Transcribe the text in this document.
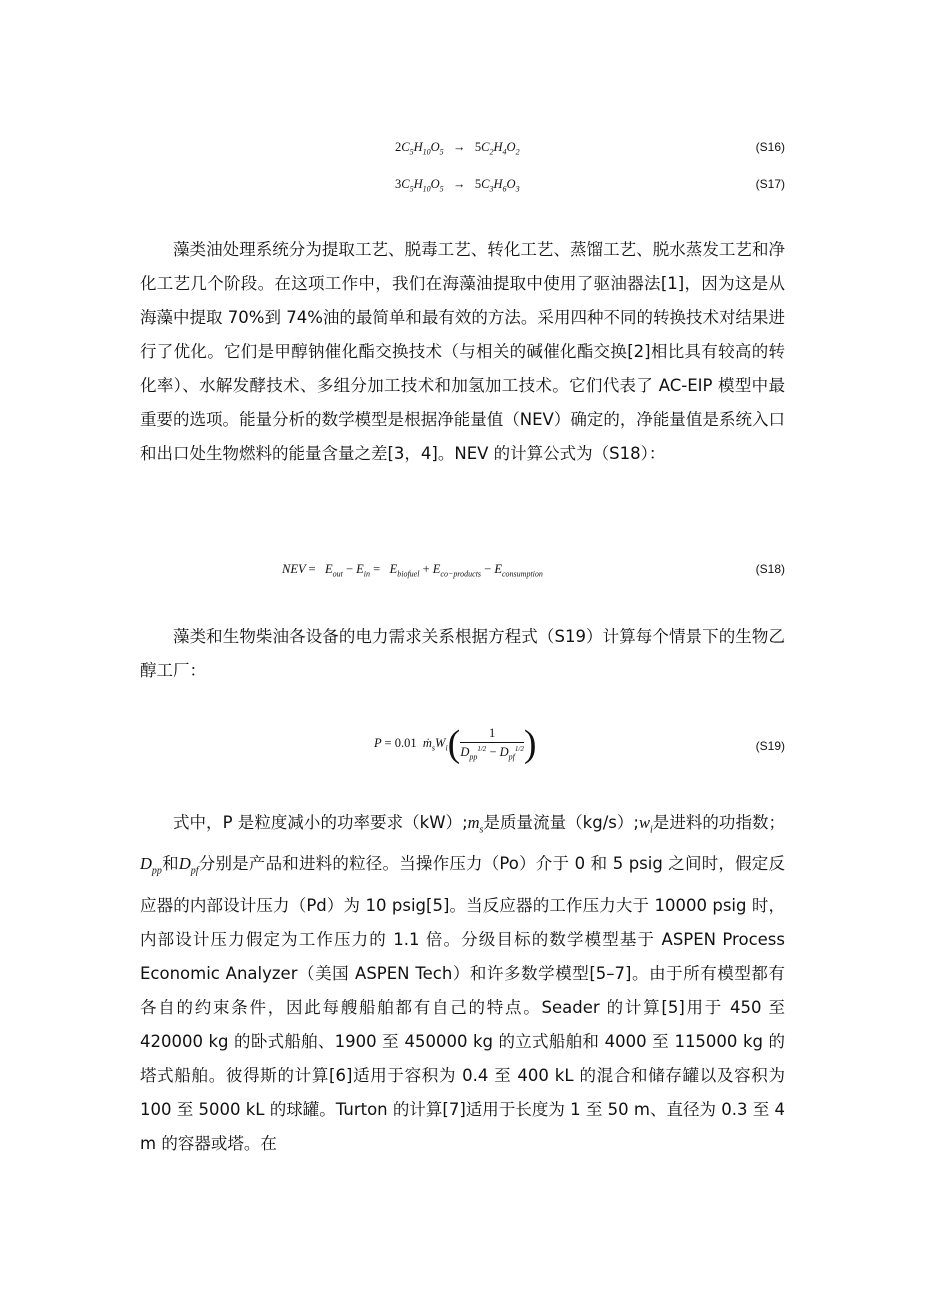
$2C_5H_{10}O_5 \to 5C_2H_4O_2$	(S16)
$3C_5H_{10}O_5 \to 5C_3H_6O_3$	(S17)

藻类油处理系统分为提取工艺、脱毒工艺、转化工艺、蒸馏工艺、脱水蒸发工艺和净化工艺几个阶段。在这项工作中，我们在海藻油提取中使用了驱油器法[1]，因为这是从海藻中提取 70%到 74%油的最简单和最有效的方法。采用四种不同的转换技术对结果进行了优化。它们是甲醇钠催化酯交换技术（与相关的碱催化酯交换[2]相比具有较高的转化率）、水解发酵技术、多组分加工技术和加氢加工技术。它们代表了 AC-EIP 模型中最重要的选项。能量分析的数学模型是根据净能量值（NEV）确定的，净能量值是系统入口和出口处生物燃料的能量含量之差[3，4]。NEV 的计算公式为（S18）：

NEV =   $E_{out} - E_{in} = E_{biofuel} + E_{co-products} - E_{consumption}$	(S18)

藻类和生物柴油各设备的电力需求关系根据方程式（S19）计算每个情景下的生物乙醇工厂：

P = 0.01  $ṁ_sW_i( \frac{1}{D_{pp}^{1/2} - D_{pf}^{1/2}}$ )	(S19)

式中，P 是粒度减小的功率要求$(kW);m_s$是质量流量$(kg/s);w_i$是进料的功指数；$D_{pp}$和$D_{pf}$分别是产品和进料的粒径。当操作压力（Po）介于 0 和 5 psig 之间时，假定反应器的内部设计压力（Pd）为 10 psig[5]。当反应器的工作压力大于 10000 psig 时，内部设计压力假定为工作压力的 1.1 倍。分级目标的数学模型基于 ASPEN Process Economic Analyzer（美国 ASPEN Tech）和许多数学模型[5–7]。由于所有模型都有各自的约束条件，因此每艘船舶都有自己的特点。Seader 的计算[5]用于 450 至 420000 kg 的卧式船舶、1900 至 450000 kg 的立式船舶和 4000 至 115000 kg 的塔式船舶。彼得斯的计算[6]适用于容积为 0.4 至 400 kL 的混合和储存罐以及容积为 100 至 5000 kL 的球罐。Turton 的计算[7]适用于长度为 1 至 50 m、直径为 0.3 至 4 m 的容器或塔。在
